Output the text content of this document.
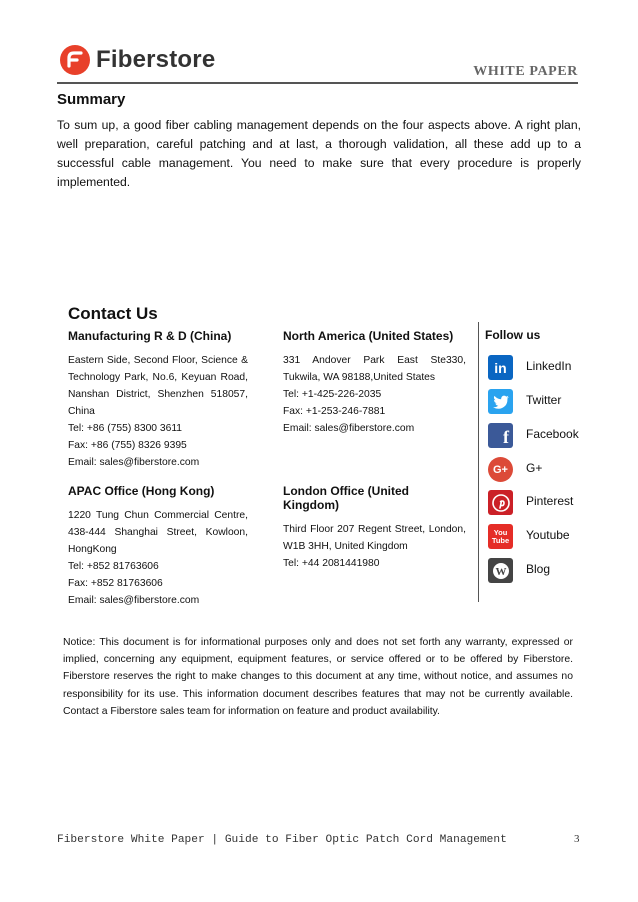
Fiberstore	WHITE PAPER
Summary
To sum up, a good fiber cabling management depends on the four aspects above. A right plan, well preparation, careful patching and at last, a thorough validation, all these add up to a successful cable management. You need to make sure that every procedure is properly implemented.
Contact Us
Manufacturing R & D (China)
Eastern Side, Second Floor, Science & Technology Park, No.6, Keyuan Road, Nanshan District, Shenzhen 518057, China
Tel: +86 (755) 8300 3611
Fax: +86 (755) 8326 9395
Email: sales@fiberstore.com
North America (United States)
331 Andover Park East Ste330, Tukwila, WA 98188,United States
Tel: +1-425-226-2035
Fax: +1-253-246-7881
Email: sales@fiberstore.com
APAC Office (Hong Kong)
1220 Tung Chun Commercial Centre, 438-444 Shanghai Street, Kowloon, HongKong
Tel: +852 81763606
Fax: +852 81763606
Email: sales@fiberstore.com
London Office (United Kingdom)
Third Floor 207 Regent Street, London, W1B 3HH, United Kingdom
Tel: +44 2081441980
Follow us
in	LinkedIn
Twitter
f	Facebook
G+	G+
Pinterest
You Tube	Youtube
W Blog
Notice: This document is for informational purposes only and does not set forth any warranty, expressed or implied, concerning any equipment, equipment features, or service offered or to be offered by Fiberstore. Fiberstore reserves the right to make changes to this document at any time, without notice, and assumes no responsibility for its use. This information document describes features that may not be currently available. Contact a Fiberstore sales team for information on feature and product availability.
Fiberstore White Paper | Guide to Fiber Optic Patch Cord Management	3
